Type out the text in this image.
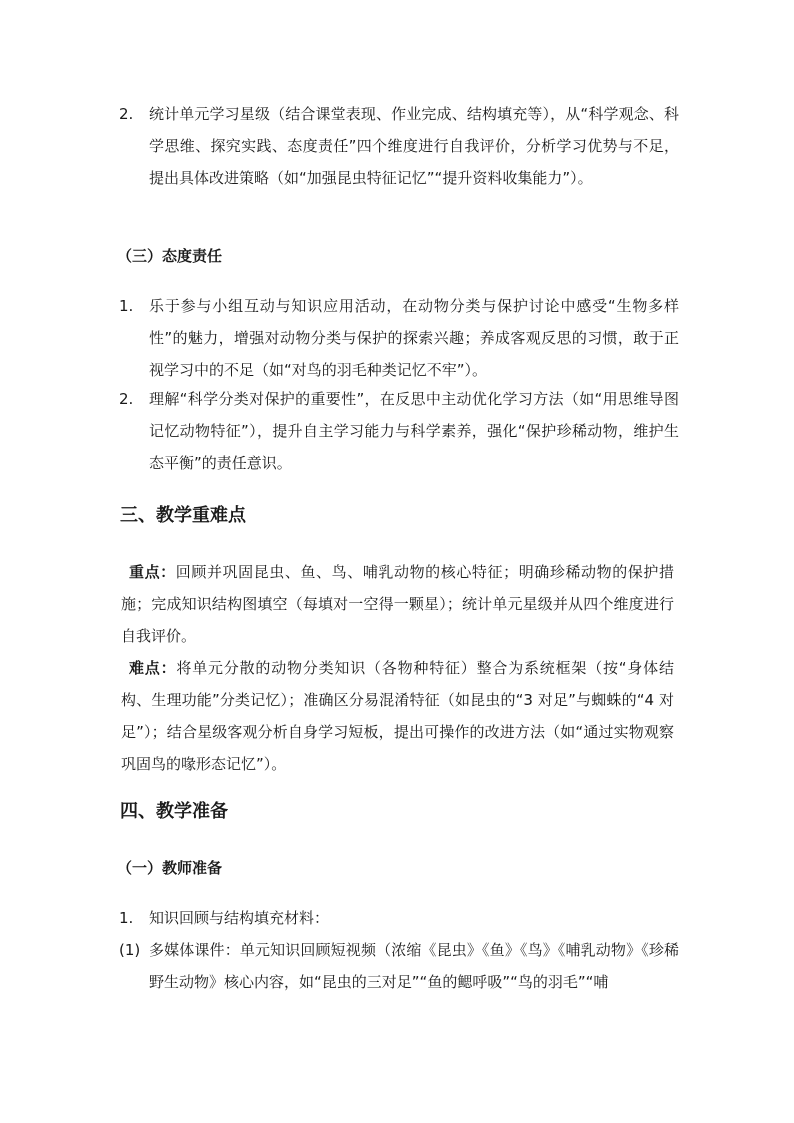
2.	统计单元学习星级（结合课堂表现、作业完成、结构填充等），从“科学观念、科学思维、探究实践、态度责任”四个维度进行自我评价，分析学习优势与不足，提出具体改进策略（如“加强昆虫特征记忆”“提升资料收集能力”）。
（三）态度责任
1.	乐于参与小组互动与知识应用活动，在动物分类与保护讨论中感受“生物多样性”的魅力，增强对动物分类与保护的探索兴趣；养成客观反思的习惯，敢于正视学习中的不足（如“对鸟的羽毛种类记忆不牢”）。
2.	理解“科学分类对保护的重要性”，在反思中主动优化学习方法（如“用思维导图记忆动物特征”），提升自主学习能力与科学素养，强化“保护珍稀动物，维护生态平衡”的责任意识。
三、教学重难点
重点：回顾并巩固昆虫、鱼、鸟、哺乳动物的核心特征；明确珍稀动物的保护措施；完成知识结构图填空（每填对一空得一颗星）；统计单元星级并从四个维度进行自我评价。
难点：将单元分散的动物分类知识（各物种特征）整合为系统框架（按“身体结构、生理功能”分类记忆）；准确区分易混淆特征（如昆虫的“3 对足”与蜘蛛的“4 对足”）；结合星级客观分析自身学习短板，提出可操作的改进方法（如“通过实物观察巩固鸟的喙形态记忆”）。
四、教学准备
（一）教师准备
1.	知识回顾与结构填充材料：
(1) 多媒体课件：单元知识回顾短视频（浓缩《昆虫》《鱼》《鸟》《哺乳动物》《珍稀野生动物》核心内容，如“昆虫的三对足”“鱼的鳃呼吸”“鸟的羽毛”“哺
